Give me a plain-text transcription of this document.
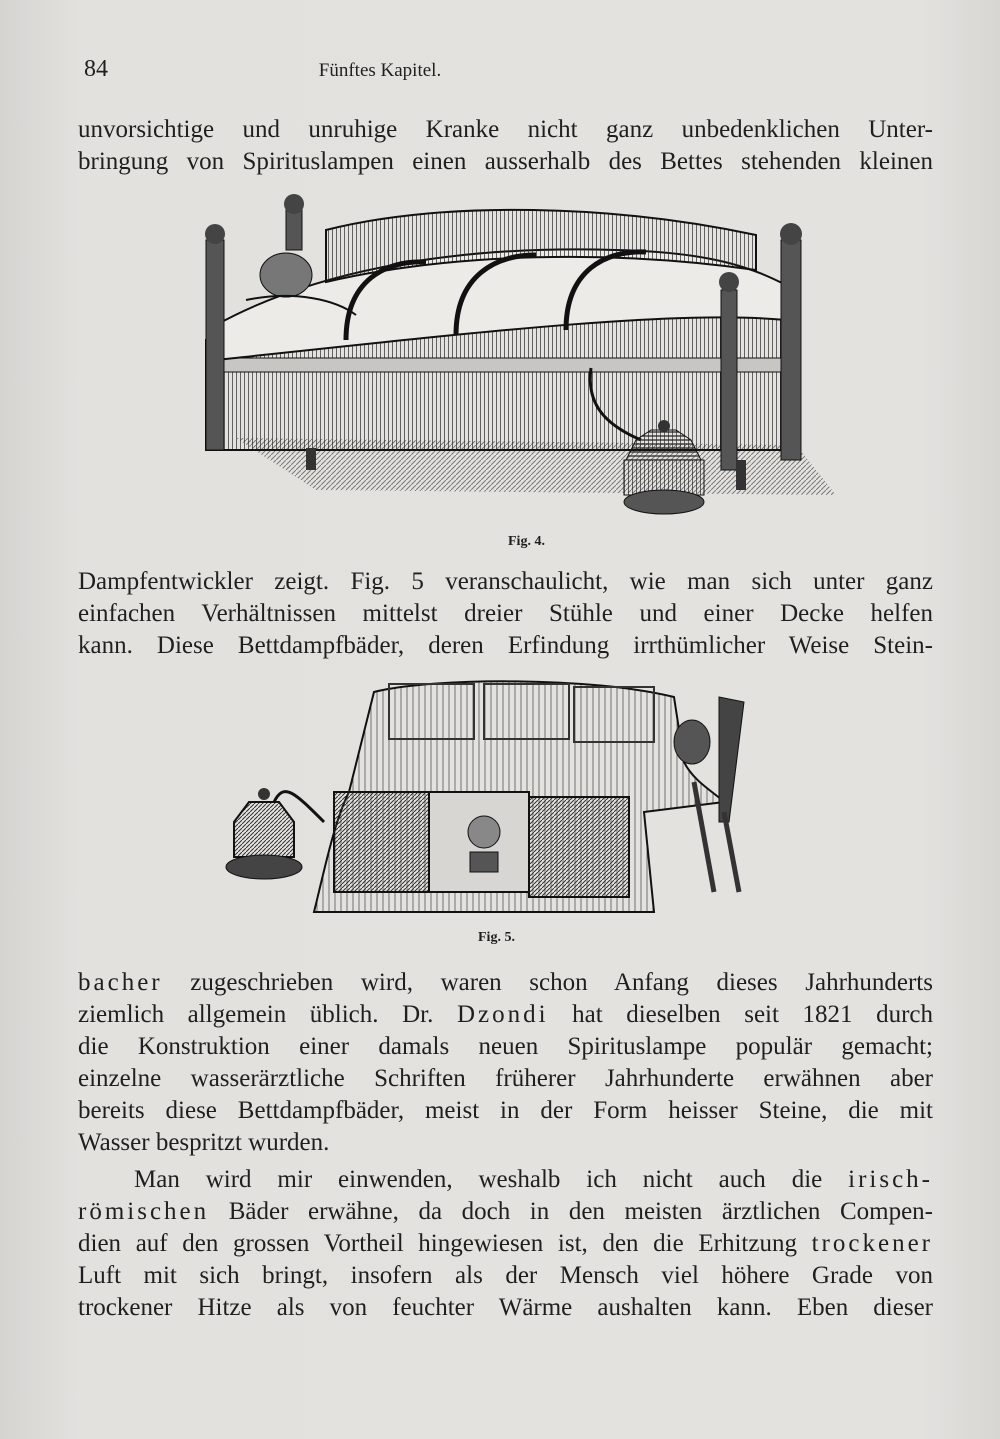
84	Fünftes Kapitel.
unvorsichtige und unruhige Kranke nicht ganz unbedenklichen Unter-
bringung von Spirituslampen einen ausserhalb des Bettes stehenden kleinen
Fig. 4.
Dampfentwickler zeigt. Fig. 5 veranschaulicht, wie man sich unter ganz
einfachen Verhältnissen mittelst dreier Stühle und einer Decke helfen
kann. Diese Bettdampfbäder, deren Erfindung irrthümlicher Weise Stein-
Fig. 5.
bacher zugeschrieben wird, waren schon Anfang dieses Jahrhunderts
ziemlich allgemein üblich. Dr. Dzondi hat dieselben seit 1821 durch
die Konstruktion einer damals neuen Spirituslampe populär gemacht;
einzelne wasserärztliche Schriften früherer Jahrhunderte erwähnen aber
bereits diese Bettdampfbäder, meist in der Form heisser Steine, die mit
Wasser bespritzt wurden.
Man wird mir einwenden, weshalb ich nicht auch die irisch-
römischen Bäder erwähne, da doch in den meisten ärztlichen Compen-
dien auf den grossen Vortheil hingewiesen ist, den die Erhitzung trockener
Luft mit sich bringt, insofern als der Mensch viel höhere Grade von
trockener Hitze als von feuchter Wärme aushalten kann. Eben dieser
